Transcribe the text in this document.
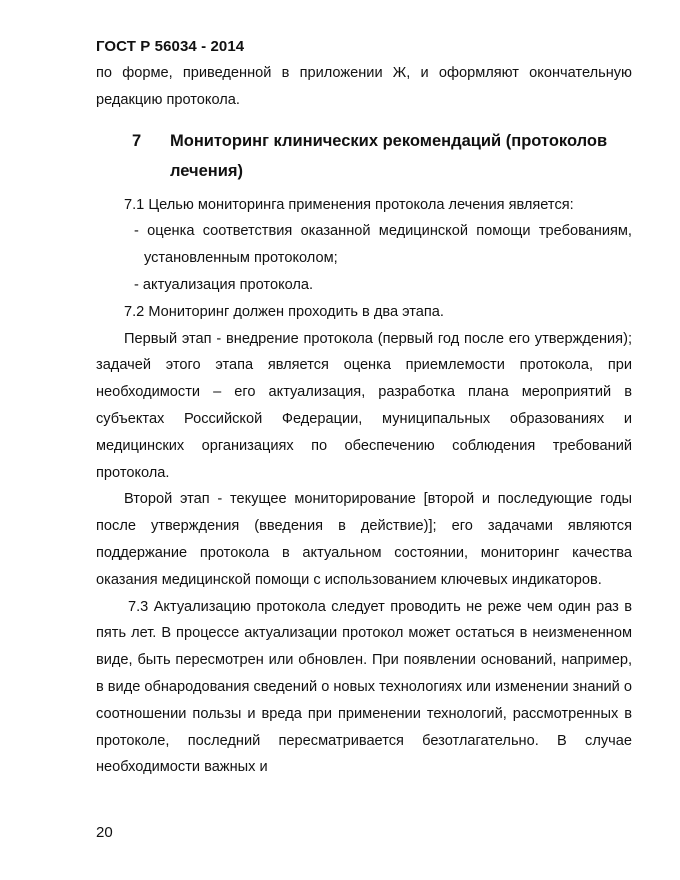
ГОСТ Р 56034 - 2014

по форме, приведенной в приложении Ж, и оформляют окончательную редакцию протокола.

7	Мониторинг клинических рекомендаций (протоколов лечения)

7.1 Целью мониторинга применения протокола лечения является:

- оценка соответствия оказанной медицинской помощи требованиям, установленным протоколом;

- актуализация протокола.

7.2 Мониторинг должен проходить в два этапа.

Первый этап - внедрение протокола (первый год после его утверждения); задачей этого этапа является оценка приемлемости протокола, при необходимости – его актуализация, разработка плана мероприятий в субъектах Российской Федерации, муниципальных образованиях и медицинских организациях по обеспечению соблюдения требований протокола.

Второй этап - текущее мониторирование [второй и последующие годы после утверждения (введения в действие)]; его задачами являются поддержание протокола в актуальном состоянии, мониторинг качества оказания медицинской помощи с использованием ключевых индикаторов.

7.3 Актуализацию протокола следует проводить не реже чем один раз в пять лет. В процессе актуализации протокол может остаться в неизмененном виде, быть пересмотрен или обновлен. При появлении оснований, например, в виде обнародования сведений о новых технологиях или изменении знаний о соотношении пользы и вреда при применении технологий, рассмотренных в протоколе, последний пересматривается безотлагательно. В случае необходимости важных и

20
